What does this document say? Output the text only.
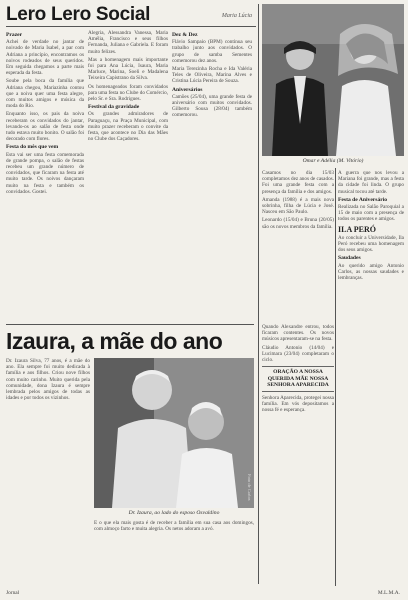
Lero Lero Social	Maria Lúcia
Prazer

Achei de verdade no jantar de noivado de Maria Isabel, a par com Adriana a princípio, encontramos os noivos rodeados de seus queridos. Em seguida chegamos a parte mais esperada da festa.

Soube pela boca da família que Adriana chegou, Mariazinha contou que a noiva quer uma festa alegre, com muitos amigos e música da moda do Rio.

Enquanto isso, os pais da noiva receberam os convidados do jantar, levando-os ao salão de festa onde tudo estava muito bonito. O salão foi decorado com flores.

Festa do mês que vem

Esta vai ser uma festa comemorada de grande pompa, o salão de festas recebeu um grande número de convidados, que ficaram na festa até muito tarde. Os noivos dançaram muito na festa e também os convidados. Gostei.

Alegria, Alessandra Vanessa, Maria Amélia, Francisco e seus filhos Fernanda, Juliana e Gabriela. E foram muito felizes.

Mas a homenagem mais importante foi para Ana Lúcia, Isaura, Maria Marluce, Marina, Soeli e Madalena Teixeira Capistrano da Silva.

Os homenageados foram convidados para uma festa no Clube do Comércio, pelo Sr. e Sra. Rodrigues.

Festival da gravidade

Os grandes admiradores de Paraguaçu, na Praça Municipal, com muito prazer receberam o convite da festa, que acontece no Dia das Mães no Clube dos Caçadores.

Dez & Dez

Flávio Sampaio (BPM) continua seu trabalho junto aos convidados. O grupo de samba Sementes comemorou dez anos.

Maria Terezinha Rocha e Ida Valéria Teles de Oliveira, Marina Alves e Cristina Lúcia Pereira de Souza.

Aniversários

Camões (25/04), uma grande festa de aniversário com muitos convidados. Gilberto Sousa (28/04) também comemorou.

Omar e Adélia (M. Vitório)

Casamos no dia 15/03 completamos dez anos de casados. Foi uma grande festa com a presença da família e dos amigos.

Amanda (1988) é a mais nova sobrinha, filha de Lúcia e José. Nasceu em São Paulo.

Leonardo (15/04) e Bruna (20/05) são os novos membros da família.

A guerra que nos levou a Mariana foi grande, mas a festa da cidade foi linda. O grupo musical tocou até tarde.

Festa de Aniversário

Realizada no Salão Paroquial a 15 de maio com a presença de todos os parentes e amigos.

ILA PERÓ

Ao concluir a Universidade, Ila Peró recebeu uma homenagem dos seus amigos.

Saudades

Ao querido amigo Antonio Carlos, as nossas saudades e lembranças.

Quando Alexandre entrou, todos ficaram contentes. Os novos músicos apresentaram-se na festa.

Cláudio Antonio (14/04) e Lucimara (23/04) completaram o ciclo.

ORAÇÃO A NOSSA QUERIDA MÃE NOSSA SENHORA APARECIDA

Senhora Aparecida, protegei nossa família. Em vós depositamos a nossa fé e esperança.

Izaura, a mãe do ano

Dr. Izaura Silva, 77 anos, é a mãe do ano. Ela sempre foi muito dedicada à família e aos filhos. Criou nove filhos com muito carinho. Muito querida pela comunidade, dona Izaura é sempre lembrada pelos amigos de todas as idades e por todos os vizinhos.

Foto de Carlos
Dr. Izaura, ao lado do esposo Osvaldino

E o que ela mais gosta é de receber a família em sua casa aos domingos, com almoço farto e muita alegria. Os netos adoram a avó.

Jornal	M.L.M.A.
